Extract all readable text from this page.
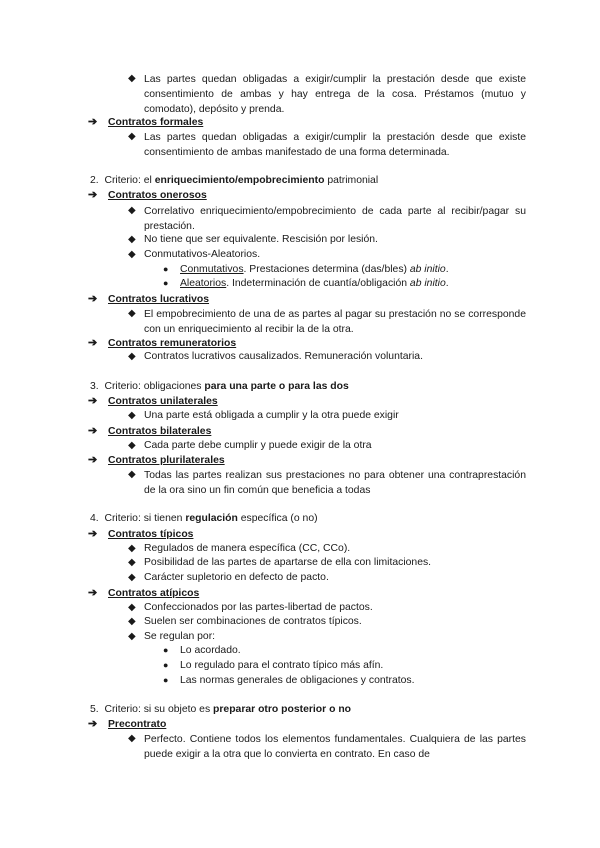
◆ Las partes quedan obligadas a exigir/cumplir la prestación desde que existe consentimiento de ambas y hay entrega de la cosa. Préstamos (mutuo y comodato), depósito y prenda.
➔ Contratos formales
◆ Las partes quedan obligadas a exigir/cumplir la prestación desde que existe consentimiento de ambas manifestado de una forma determinada.
2. Criterio: el enriquecimiento/empobrecimiento patrimonial
➔ Contratos onerosos
◆ Correlativo enriquecimiento/empobrecimiento de cada parte al recibir/pagar su prestación.
◆ No tiene que ser equivalente. Rescisión por lesión.
◆ Conmutativos-Aleatorios.
●	Conmutativos. Prestaciones determina (das/bles) ab initio.
●	Aleatorios. Indeterminación de cuantía/obligación ab initio.
➔ Contratos lucrativos
◆ El empobrecimiento de una de as partes al pagar su prestación no se corresponde con un enriquecimiento al recibir la de la otra.
➔ Contratos remuneratorios
◆ Contratos lucrativos causalizados. Remuneración voluntaria.
3. Criterio: obligaciones para una parte o para las dos
➔ Contratos unilaterales
◆ Una parte está obligada a cumplir y la otra puede exigir
➔ Contratos bilaterales
◆ Cada parte debe cumplir y puede exigir de la otra
➔ Contratos plurilaterales
◆ Todas las partes realizan sus prestaciones no para obtener una contraprestación de la ora sino un fin común que beneficia a todas
4. Criterio: si tienen regulación específica (o no)
➔ Contratos típicos
◆ Regulados de manera específica (CC, CCo).
◆ Posibilidad de las partes de apartarse de ella con limitaciones.
◆ Carácter supletorio en defecto de pacto.
➔ Contratos atípicos
◆ Confeccionados por las partes-libertad de pactos.
◆ Suelen ser combinaciones de contratos típicos.
◆ Se regulan por:
●	Lo acordado.
●	Lo regulado para el contrato típico más afín.
●	Las normas generales de obligaciones y contratos.
5. Criterio: si su objeto es preparar otro posterior o no
➔ Precontrato
◆ Perfecto. Contiene todos los elementos fundamentales. Cualquiera de las partes puede exigir a la otra que lo convierta en contrato. En caso de
